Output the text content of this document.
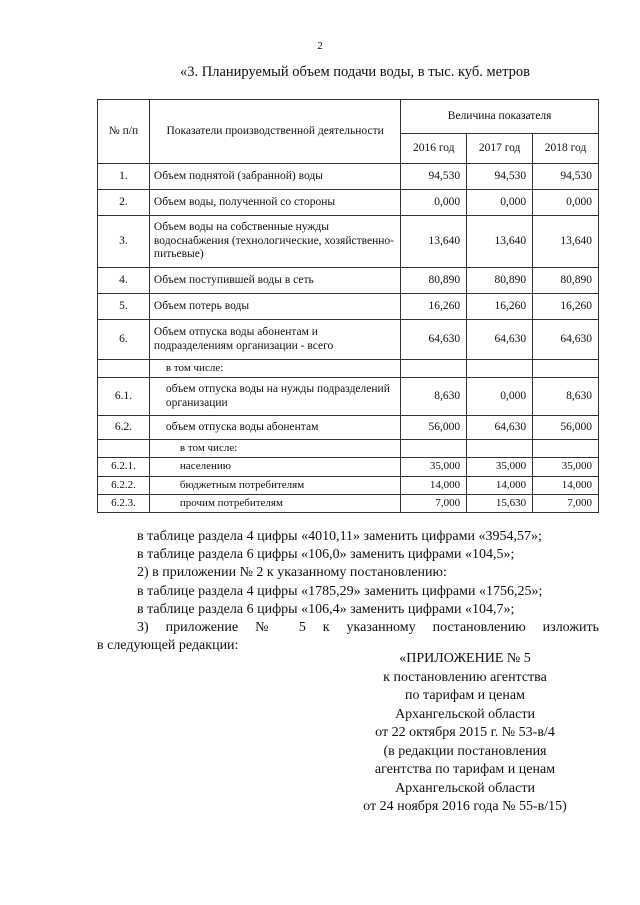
2
«3. Планируемый объем подачи воды, в тыс. куб. метров
№ п/п	Показатели производственной деятельности	Величина показателя		
		2016 год	2017 год	2018 год
1.	Объем поднятой (забранной) воды	94,530	94,530	94,530
2.	Объем воды, полученной со стороны	0,000	0,000	0,000
3.	Объем воды на собственные нужды водоснабжения (технологические, хозяйственно-питьевые)	13,640	13,640	13,640
4.	Объем поступившей воды в сеть	80,890	80,890	80,890
5.	Объем потерь воды	16,260	16,260	16,260
6.	Объем отпуска воды абонентам и подразделениям организации - всего	64,630	64,630	64,630
	в том числе:			
6.1.	объем отпуска воды на нужды подразделений организации	8,630	0,000	8,630
6.2.	объем отпуска воды абонентам	56,000	64,630	56,000
	в том числе:			
6.2.1.	населению	35,000	35,000	35,000
6.2.2.	бюджетным потребителям	14,000	14,000	14,000
6.2.3.	прочим потребителям	7,000	15,630	7,000

в таблице раздела 4 цифры «4010,11» заменить цифрами «3954,57»;

в таблице раздела 6 цифры «106,0» заменить цифрами «104,5»;

2) в приложении № 2 к указанному постановлению:

в таблице раздела 4 цифры «1785,29» заменить цифрами «1756,25»;

в таблице раздела 6 цифры «106,4» заменить цифрами «104,7»;

3) приложение № 5 к указанному постановлению изложить

в следующей редакции:

«ПРИЛОЖЕНИЕ № 5

к постановлению агентства

по тарифам и ценам

Архангельской области

от 22 октября 2015 г. № 53-в/4

(в редакции постановления

агентства по тарифам и ценам

Архангельской области

от 24 ноября 2016 года № 55-в/15)
